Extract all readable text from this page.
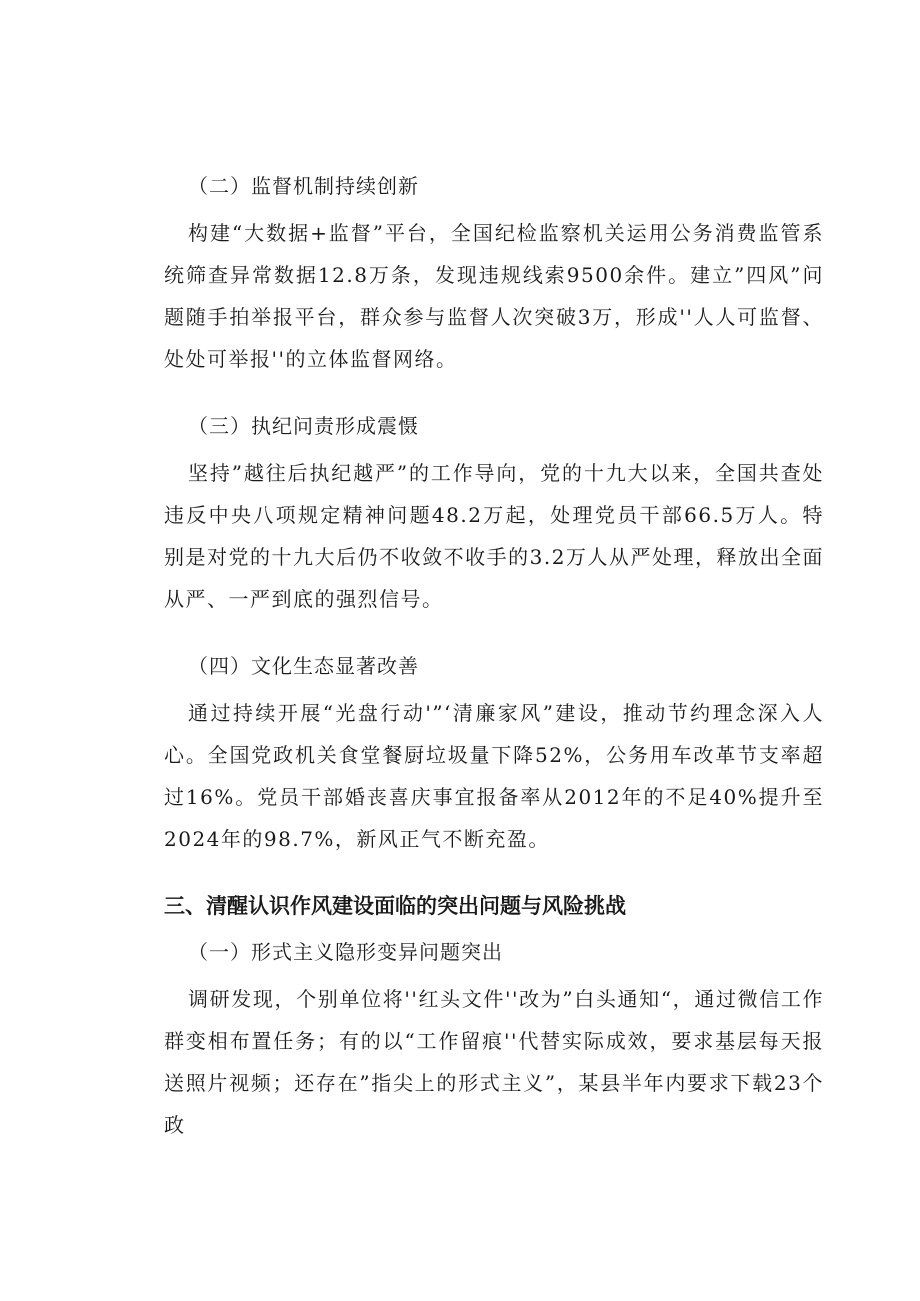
（二）监督机制持续创新

构建“大数据+监督”平台，全国纪检监察机关运用公务消费监管系统筛查异常数据12.8万条，发现违规线索9500余件。建立”四风”问题随手拍举报平台，群众参与监督人次突破3万，形成''人人可监督、处处可举报''的立体监督网络。

（三）执纪问责形成震慑

坚持”越往后执纪越严”的工作导向，党的十九大以来，全国共查处违反中央八项规定精神问题48.2万起，处理党员干部66.5万人。特别是对党的十九大后仍不收敛不收手的3.2万人从严处理，释放出全面从严、一严到底的强烈信号。

（四）文化生态显著改善

通过持续开展“光盘行动'”‘清廉家风”建设，推动节约理念深入人心。全国党政机关食堂餐厨垃圾量下降52%，公务用车改革节支率超过16%。党员干部婚丧喜庆事宜报备率从2012年的不足40%提升至2024年的98.7%，新风正气不断充盈。

三、清醒认识作风建设面临的突出问题与风险挑战
（一）形式主义隐形变异问题突出

调研发现，个别单位将''红头文件''改为”白头通知“，通过微信工作群变相布置任务；有的以“工作留痕''代替实际成效，要求基层每天报送照片视频；还存在”指尖上的形式主义”，某县半年内要求下载23个政
